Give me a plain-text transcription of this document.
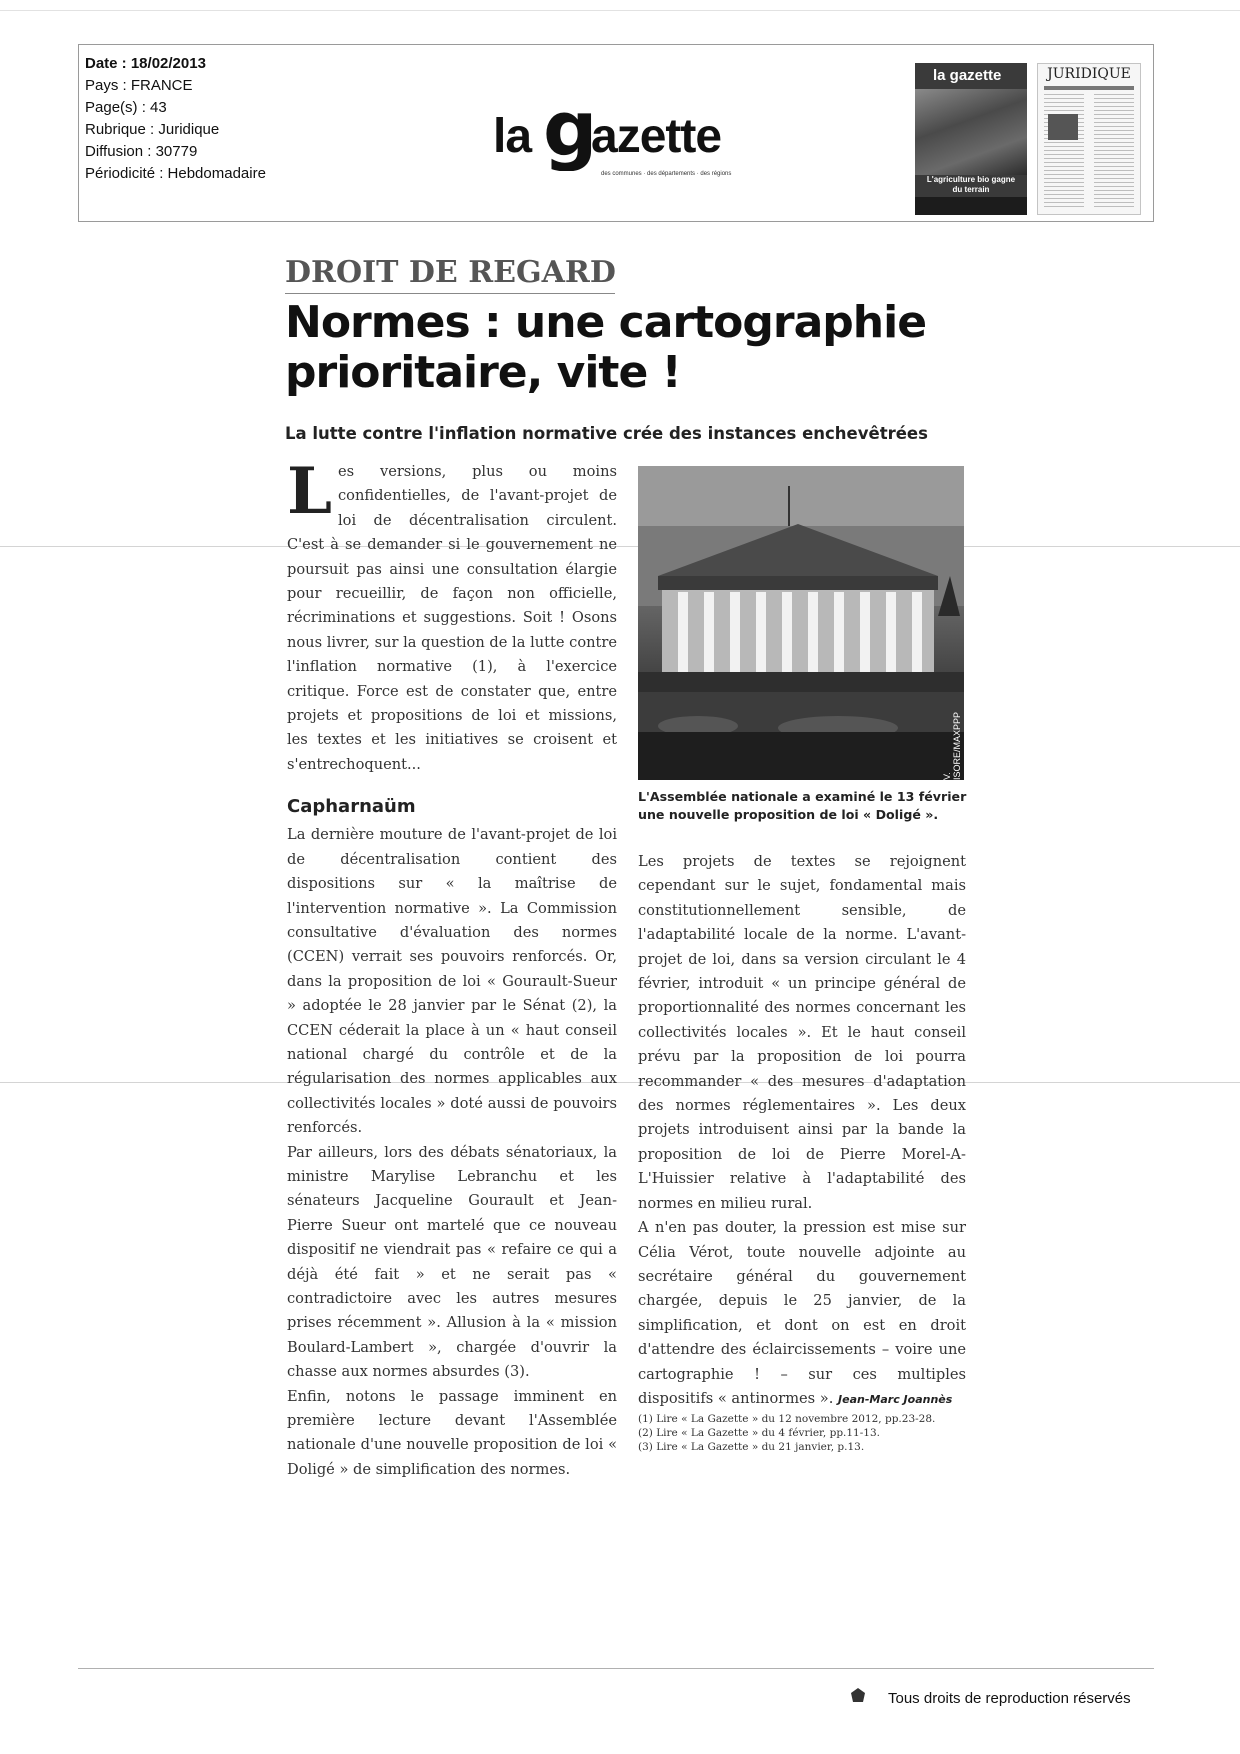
Date : 18/02/2013
Pays : FRANCE
Page(s) : 43
Rubrique : Juridique
Diffusion : 30779
Périodicité : Hebdomadaire
la g
azette
des communes · des départements · des régions
la gazette
L'agriculture bio gagne du terrain
JURIDIQUE
DROIT DE REGARD
Normes : une cartographie prioritaire, vite !
La lutte contre l'inflation normative crée des instances enchevêtrées

Les versions, plus ou moins confidentielles, de l'avant-projet de loi de décentralisation circulent. C'est à se demander si le gouvernement ne poursuit pas ainsi une consultation élargie pour recueillir, de façon non officielle, récriminations et suggestions. Soit ! Osons nous livrer, sur la question de la lutte contre l'inflation normative (1), à l'exercice critique. Force est de constater que, entre projets et propositions de loi et missions, les textes et les initiatives se croisent et s'entrechoquent...

Capharnaüm

La dernière mouture de l'avant-projet de loi de décentralisation contient des dispositions sur « la maîtrise de l'intervention normative ». La Commission consultative d'évaluation des normes (CCEN) verrait ses pouvoirs renforcés. Or, dans la proposition de loi « Gourault-Sueur » adoptée le 28 janvier par le Sénat (2), la CCEN céderait la place à un « haut conseil national chargé du contrôle et de la régularisation des normes applicables aux collectivités locales » doté aussi de pouvoirs renforcés.

Par ailleurs, lors des débats sénatoriaux, la ministre Marylise Lebranchu et les sénateurs Jacqueline Gourault et Jean-Pierre Sueur ont martelé que ce nouveau dispositif ne viendrait pas « refaire ce qui a déjà été fait » et ne serait pas « contradictoire avec les autres mesures prises récemment ». Allusion à la « mission Boulard-Lambert », chargée d'ouvrir la chasse aux normes absurdes (3).

Enfin, notons le passage imminent en première lecture devant l'Assemblée nationale d'une nouvelle proposition de loi « Doligé » de simplification des normes.

V. ISORE/MAXPPP
L'Assemblée nationale a examiné le 13 février une nouvelle proposition de loi « Doligé ».

Les projets de textes se rejoignent cependant sur le sujet, fondamental mais constitutionnellement sensible, de l'adaptabilité locale de la norme. L'avant-projet de loi, dans sa version circulant le 4 février, introduit « un principe général de proportionnalité des normes concernant les collectivités locales ». Et le haut conseil prévu par la proposition de loi pourra recommander « des mesures d'adaptation des normes réglementaires ». Les deux projets introduisent ainsi par la bande la proposition de loi de Pierre Morel-A-L'Huissier relative à l'adaptabilité des normes en milieu rural.

A n'en pas douter, la pression est mise sur Célia Vérot, toute nouvelle adjointe au secrétaire général du gouvernement chargée, depuis le 25 janvier, de la simplification, et dont on est en droit d'attendre des éclaircissements – voire une cartographie ! – sur ces multiples dispositifs « antinormes ». Jean-Marc Joannès

(1) Lire « La Gazette » du 12 novembre 2012, pp.23-28.
(2) Lire « La Gazette » du 4 février, pp.11-13.
(3) Lire « La Gazette » du 21 janvier, p.13.
Tous droits de reproduction réservés
